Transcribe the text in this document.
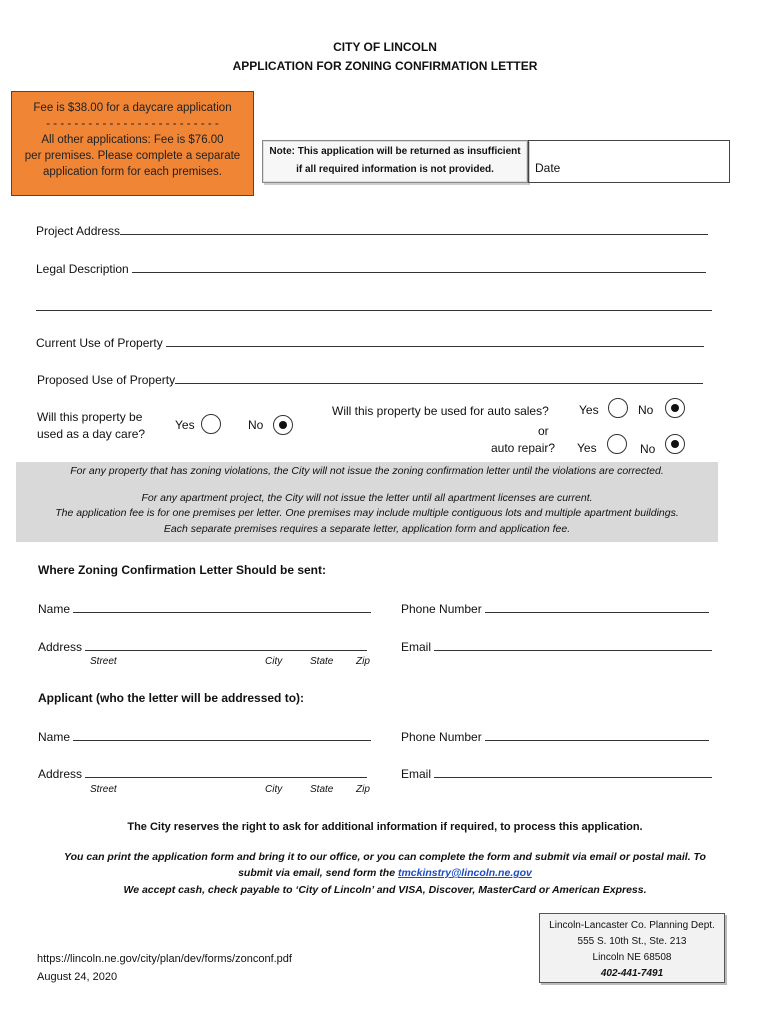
CITY OF LINCOLN
APPLICATION FOR ZONING CONFIRMATION LETTER
Fee is $38.00 for a daycare application
- - - - - - - - - - - - - - - - - - - - - - - - -
All other applications: Fee is $76.00
per premises. Please complete a separate
application form for each premises.
Note: This application will be returned as insufficient
if all required information is not provided.	Date
Project Address
Legal Description
Current Use of Property
Proposed Use of Property
Will this property be
used as a day care?
Yes	No
Will this property be used for auto sales?	Yes	No
or
auto repair? Yes	No
For any property that has zoning violations, the City will not issue the zoning confirmation letter until the violations are corrected.
For any apartment project, the City will not issue the letter until all apartment licenses are current.
The application fee is for one premises per letter. One premises may include multiple contiguous lots and multiple apartment buildings.
Each separate premises requires a separate letter, application form and application fee.
Where Zoning Confirmation Letter Should be sent:
Name	Phone Number
Address	Email
Street	City	State Zip
Applicant (who the letter will be addressed to):
Name	Phone Number
Address	Email
Street	City	State Zip
The City reserves the right to ask for additional information if required, to process this application.
You can print the application form and bring it to our office, or you can complete the form and submit via email or postal mail. To
submit via email, send form the tmckinstry@lincoln.ne.gov
We accept cash, check payable to ‘City of Lincoln’ and VISA, Discover, MasterCard or American Express.
https://lincoln.ne.gov/city/plan/dev/forms/zonconf.pdf
August 24, 2020
Lincoln-Lancaster Co. Planning Dept.
555 S. 10th St., Ste. 213
Lincoln NE 68508
402-441-7491
